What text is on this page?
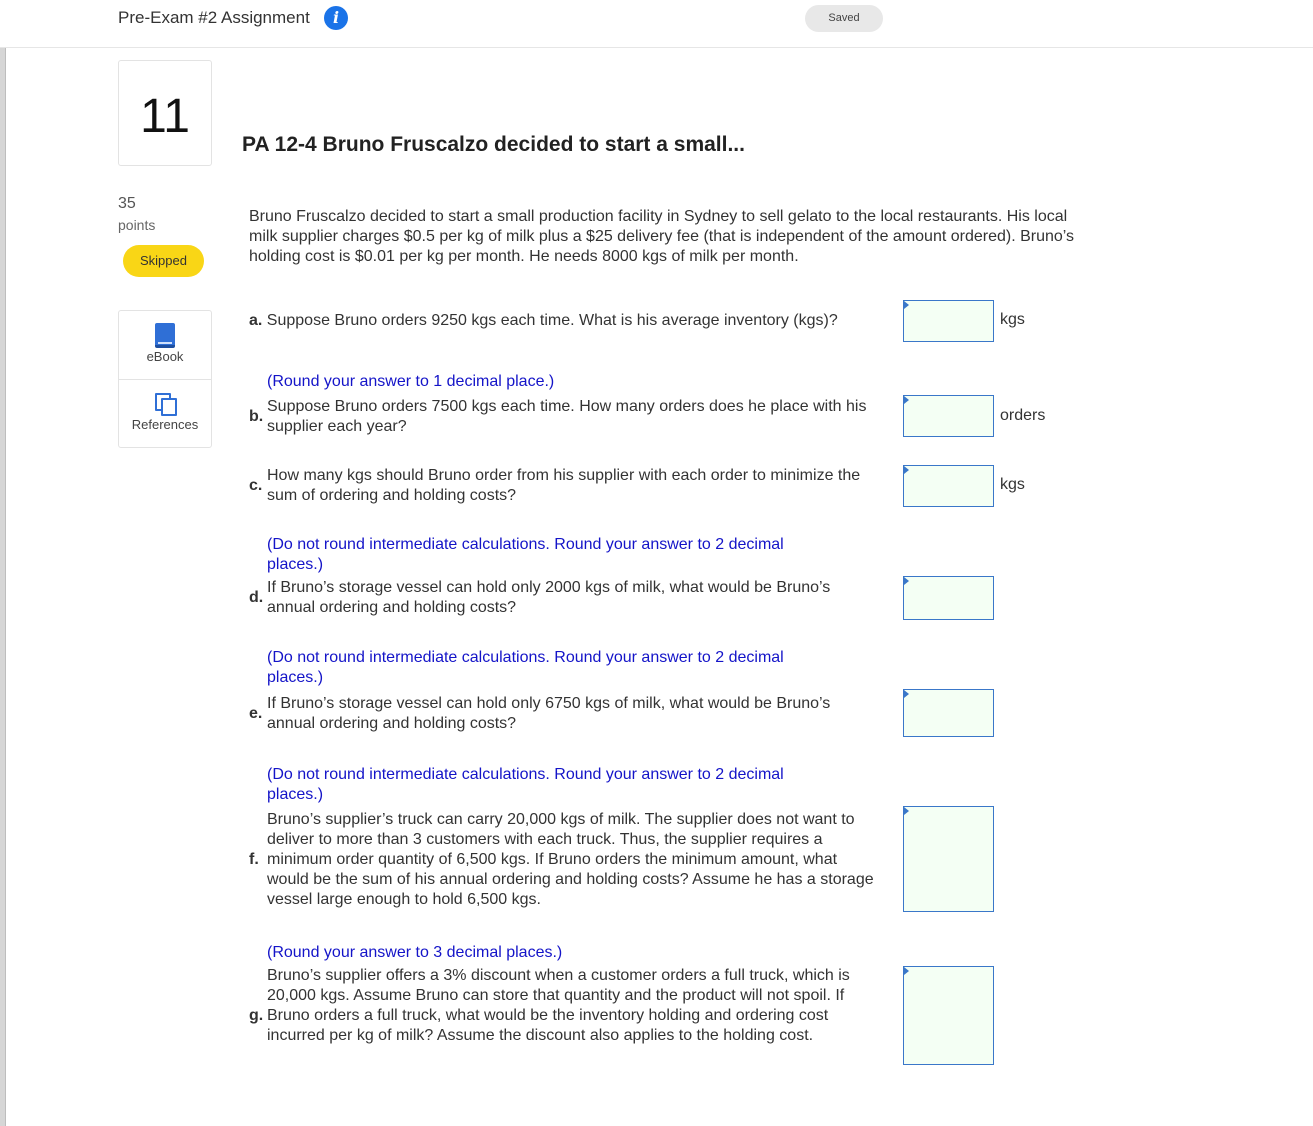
Pre-Exam #2 Assignment	i	Saved
11
PA 12-4 Bruno Fruscalzo decided to start a small...
35
points
Skipped
eBook
References

Bruno Fruscalzo decided to start a small production facility in Sydney to sell gelato to the local restaurants. His local milk supplier charges $0.5 per kg of milk plus a $25 delivery fee (that is independent of the amount ordered). Bruno’s holding cost is $0.01 per kg per month. He needs 8000 kgs of milk per month.

a. Suppose Bruno orders 9250 kgs each time. What is his average inventory (kgs)?	kgs
(Round your answer to 1 decimal place.)
b.
Suppose Bruno orders 7500 kgs each time. How many orders does he place with his supplier each year?
orders
c.
How many kgs should Bruno order from his supplier with each order to minimize the sum of ordering and holding costs?
kgs
(Do not round intermediate calculations. Round your answer to 2 decimal places.)
d.
If Bruno’s storage vessel can hold only 2000 kgs of milk, what would be Bruno’s annual ordering and holding costs?
(Do not round intermediate calculations. Round your answer to 2 decimal places.)
e.
If Bruno’s storage vessel can hold only 6750 kgs of milk, what would be Bruno’s annual ordering and holding costs?
(Do not round intermediate calculations. Round your answer to 2 decimal places.)
f.
Bruno’s supplier’s truck can carry 20,000 kgs of milk. The supplier does not want to deliver to more than 3 customers with each truck. Thus, the supplier requires a minimum order quantity of 6,500 kgs. If Bruno orders the minimum amount, what would be the sum of his annual ordering and holding costs? Assume he has a storage vessel large enough to hold 6,500 kgs.
(Round your answer to 3 decimal places.)
g.
Bruno’s supplier offers a 3% discount when a customer orders a full truck, which is 20,000 kgs. Assume Bruno can store that quantity and the product will not spoil. If Bruno orders a full truck, what would be the inventory holding and ordering cost incurred per kg of milk? Assume the discount also applies to the holding cost.
